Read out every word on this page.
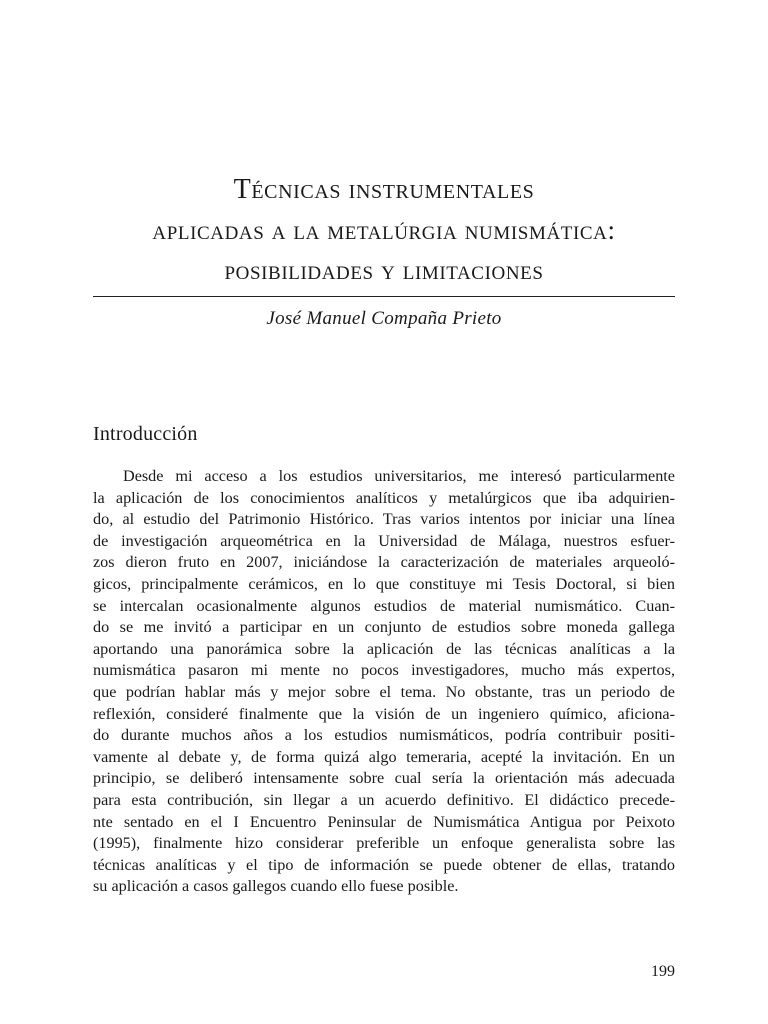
Técnicas instrumentales

aplicadas a la metalúrgia numismática:

posibilidades y limitaciones

José Manuel Compaña Prieto
Introducción
Desde mi acceso a los estudios universitarios, me interesó particularmente
la aplicación de los conocimientos analíticos y metalúrgicos que iba adquirien-
do, al estudio del Patrimonio Histórico. Tras varios intentos por iniciar una línea
de investigación arqueométrica en la Universidad de Málaga, nuestros esfuer-
zos dieron fruto en 2007, iniciándose la caracterización de materiales arqueoló-
gicos, principalmente cerámicos, en lo que constituye mi Tesis Doctoral, si bien
se intercalan ocasionalmente algunos estudios de material numismático. Cuan-
do se me invitó a participar en un conjunto de estudios sobre moneda gallega
aportando una panorámica sobre la aplicación de las técnicas analíticas a la
numismática pasaron mi mente no pocos investigadores, mucho más expertos,
que podrían hablar más y mejor sobre el tema. No obstante, tras un periodo de
reflexión, consideré finalmente que la visión de un ingeniero químico, aficiona-
do durante muchos años a los estudios numismáticos, podría contribuir positi-
vamente al debate y, de forma quizá algo temeraria, acepté la invitación. En un
principio, se deliberó intensamente sobre cual sería la orientación más adecuada
para esta contribución, sin llegar a un acuerdo definitivo. El didáctico precede-
nte sentado en el I Encuentro Peninsular de Numismática Antigua por Peixoto
(1995), finalmente hizo considerar preferible un enfoque generalista sobre las
técnicas analíticas y el tipo de información se puede obtener de ellas, tratando
su aplicación a casos gallegos cuando ello fuese posible.
199
